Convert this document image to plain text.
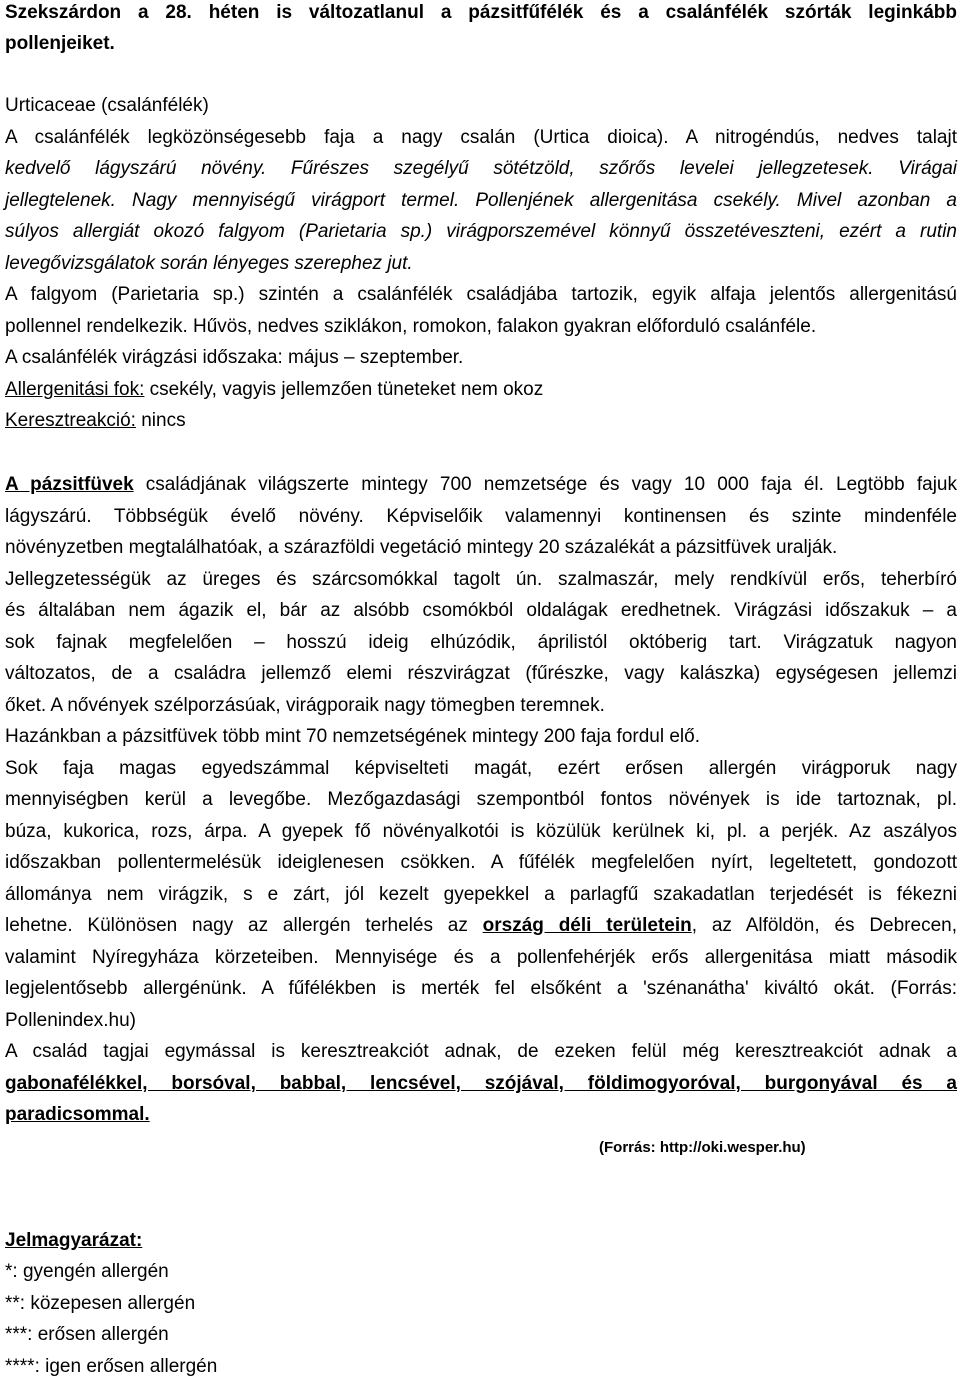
Szekszárdon a 28. héten is változatlanul a pázsitfűfélék és a csalánfélék szórták leginkább
pollenjeiket.
Urticaceae (csalánfélék)
A csalánfélék legközönségesebb faja a nagy csalán (Urtica dioica). A nitrogéndús, nedves talajt
kedvelő lágyszárú növény. Fűrészes szegélyű sötétzöld, szőrős levelei jellegzetesek. Virágai
jellegtelenek. Nagy mennyiségű virágport termel. Pollenjének allergenitása csekély. Mivel azonban a
súlyos allergiát okozó falgyom (Parietaria sp.) virágporszemével könnyű összetéveszteni, ezért a rutin
levegővizsgálatok során lényeges szerephez jut.
A falgyom (Parietaria sp.) szintén a csalánfélék családjába tartozik, egyik alfaja jelentős allergenitású
pollennel rendelkezik. Hűvös, nedves sziklákon, romokon, falakon gyakran előforduló csalánféle.
A csalánfélék virágzási időszaka: május – szeptember.
Allergenitási fok: csekély, vagyis jellemzően tüneteket nem okoz
Keresztreakció: nincs
A pázsitfüvek családjának világszerte mintegy 700 nemzetsége és vagy 10 000 faja él. Legtöbb fajuk
lágyszárú. Többségük évelő növény. Képviselőik valamennyi kontinensen és szinte mindenféle
növényzetben megtalálhatóak, a szárazföldi vegetáció mintegy 20 százalékát a pázsitfüvek uralják.
Jellegzetességük az üreges és szárcsomókkal tagolt ún. szalmaszár, mely rendkívül erős, teherbíró
és általában nem ágazik el, bár az alsóbb csomókból oldalágak eredhetnek. Virágzási időszakuk – a
sok fajnak megfelelően – hosszú ideig elhúzódik, áprilistól októberig tart. Virágzatuk nagyon
változatos, de a családra jellemző elemi részvirágzat (fűrészke, vagy kalászka) egységesen jellemzi
őket. A nővények szélporzásúak, virágporaik nagy tömegben teremnek.
Hazánkban a pázsitfüvek több mint 70 nemzetségének mintegy 200 faja fordul elő.
Sok faja magas egyedszámmal képviselteti magát, ezért erősen allergén virágporuk nagy
mennyiségben kerül a levegőbe. Mezőgazdasági szempontból fontos növények is ide tartoznak, pl.
búza, kukorica, rozs, árpa. A gyepek fő növényalkotói is közülük kerülnek ki, pl. a perjék. Az aszályos
időszakban pollentermelésük ideiglenesen csökken. A fűfélék megfelelően nyírt, legeltetett, gondozott
állománya nem virágzik, s e zárt, jól kezelt gyepekkel a parlagfű szakadatlan terjedését is fékezni
lehetne. Különösen nagy az allergén terhelés az ország déli területein, az Alföldön, és Debrecen,
valamint Nyíregyháza körzeteiben. Mennyisége és a pollenfehérjék erős allergenitása miatt második
legjelentősebb allergénünk. A fűfélékben is merték fel elsőként a 'szénanátha' kiváltó okát. (Forrás:
Pollenindex.hu)
A család tagjai egymással is keresztreakciót adnak, de ezeken felül még keresztreakciót adnak a
gabonafélékkel, borsóval, babbal, lencsével, szójával, földimogyoróval, burgonyával és a
paradicsommal.
(Forrás: http://oki.wesper.hu)
Jelmagyarázat:
*: gyengén allergén
**: közepesen allergén
***: erősen allergén
****: igen erősen allergén
